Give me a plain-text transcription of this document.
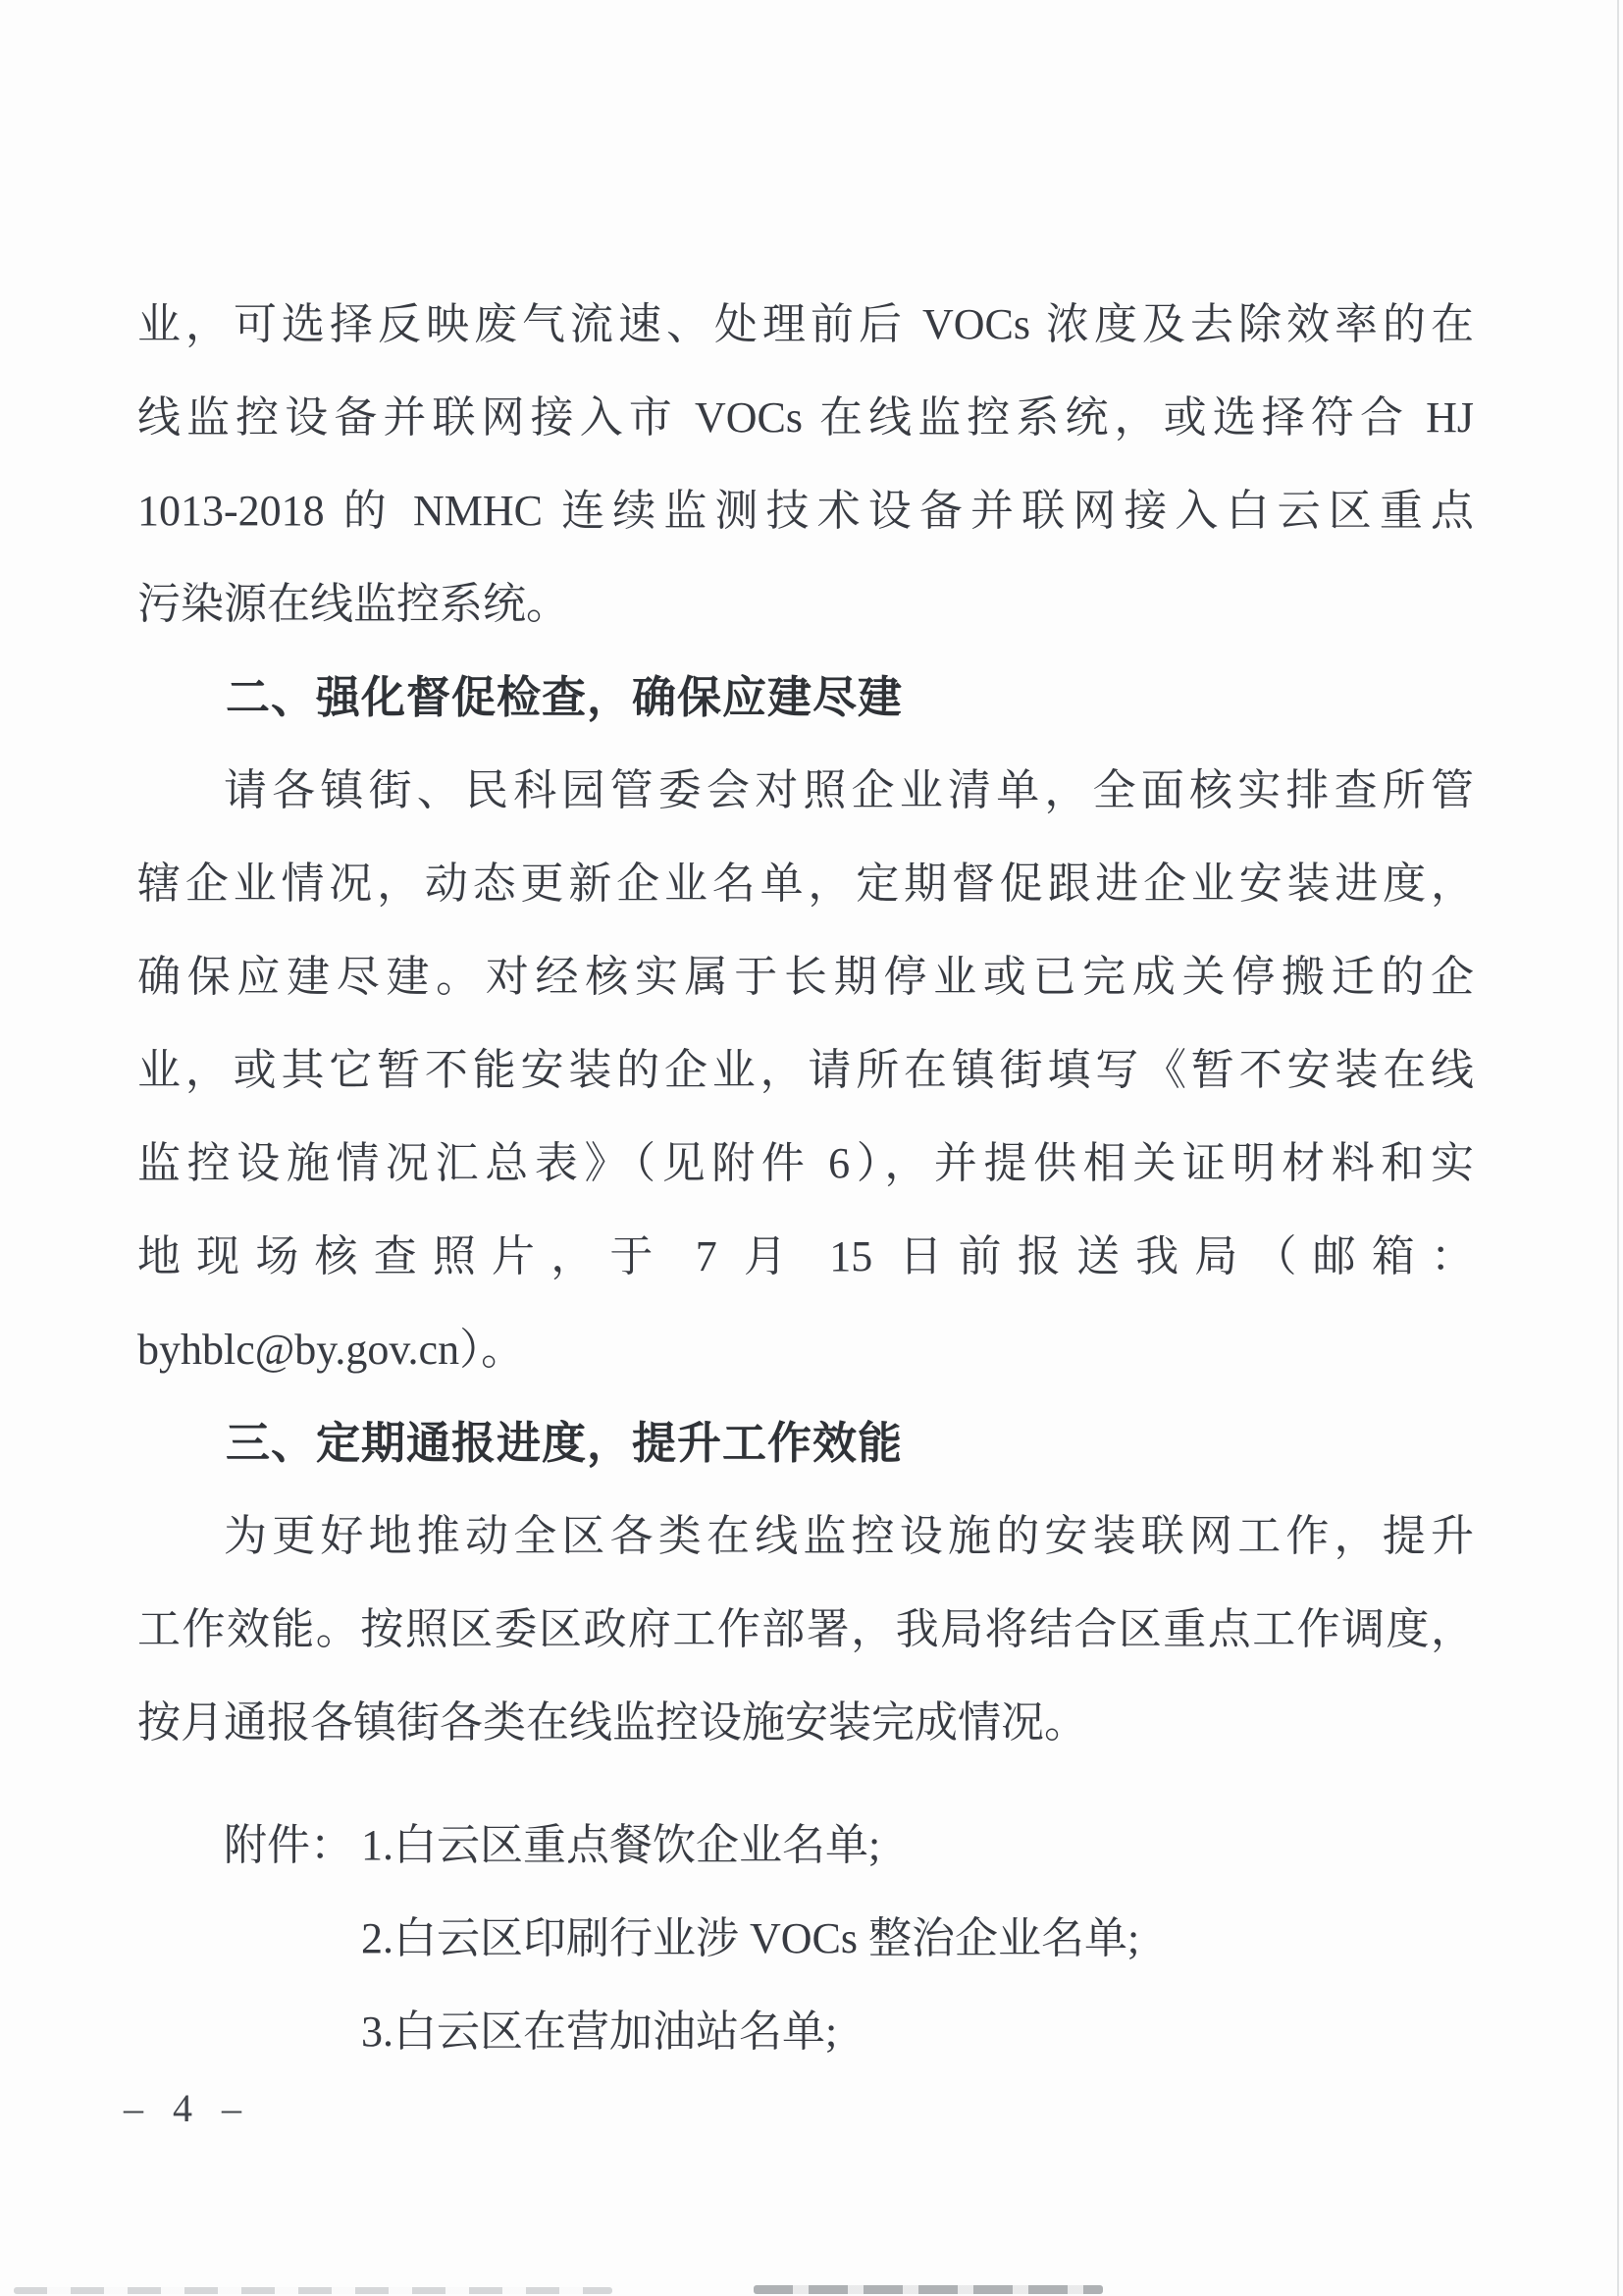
业，可选择反映废气流速、处理前后 VOCs 浓度及去除效率的在
线监控设备并联网接入市 VOCs 在线监控系统，或选择符合 HJ
1013-2018 的 NMHC 连续监测技术设备并联网接入白云区重点
污染源在线监控系统。
二、强化督促检查，确保应建尽建
请各镇街、民科园管委会对照企业清单，全面核实排查所管
辖企业情况，动态更新企业名单，定期督促跟进企业安装进度，
确保应建尽建。对经核实属于长期停业或已完成关停搬迁的企
业，或其它暂不能安装的企业，请所在镇街填写《暂不安装在线
监控设施情况汇总表》（见附件 6），并提供相关证明材料和实
地现场核查照片，于 7 月 15 日前报送我局（邮箱：
byhblc@by.gov.cn）。
三、定期通报进度，提升工作效能
为更好地推动全区各类在线监控设施的安装联网工作，提升
工作效能。按照区委区政府工作部署，我局将结合区重点工作调度，
按月通报各镇街各类在线监控设施安装完成情况。
附件： 1.白云区重点餐饮企业名单;
2.白云区印刷行业涉 VOCs 整治企业名单;
3.白云区在营加油站名单;
– 4 –
